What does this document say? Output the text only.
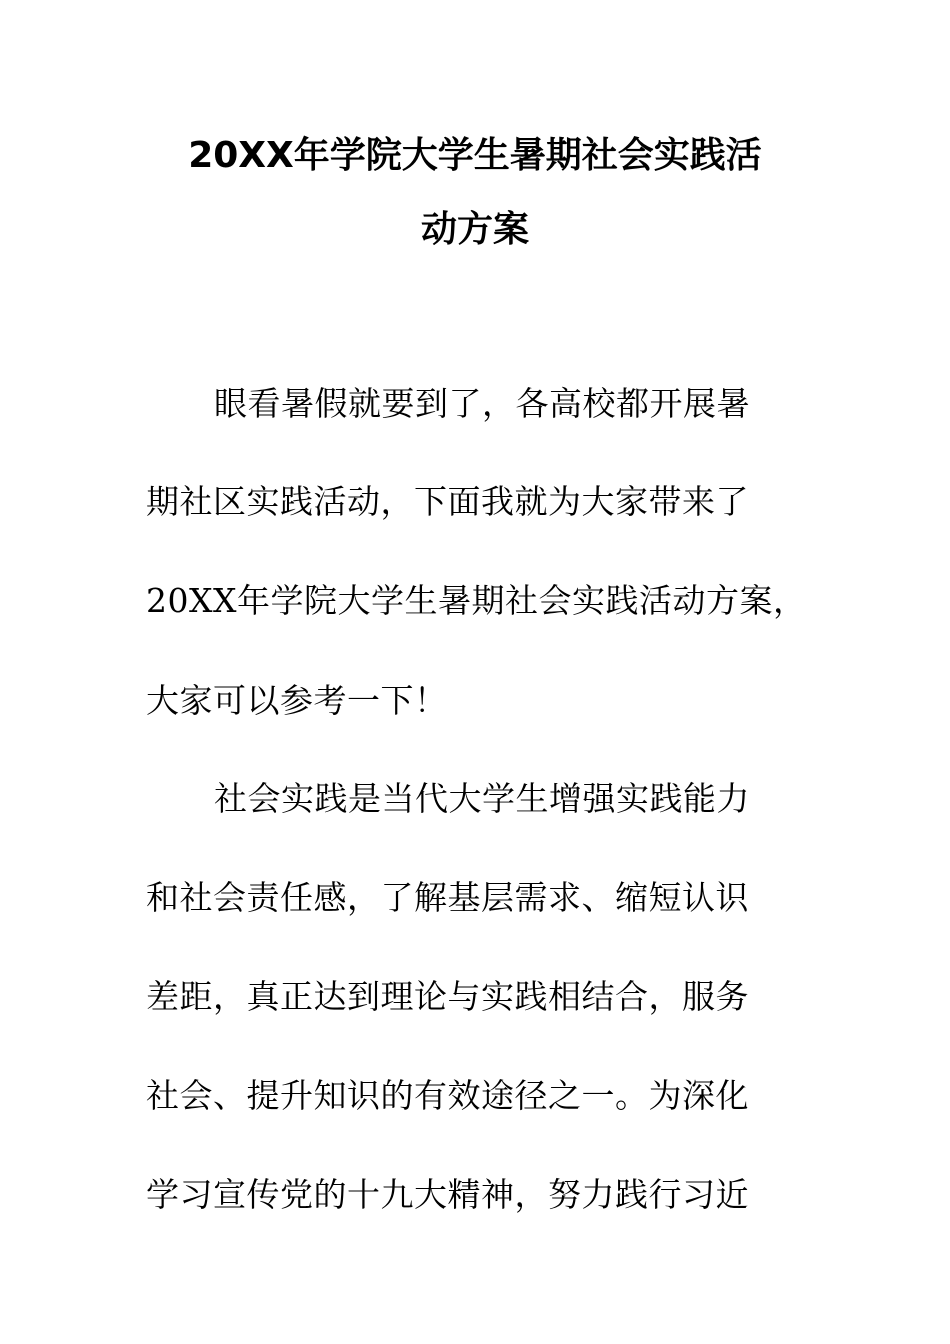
20XX年学院大学生暑期社会实践活
动方案
眼看暑假就要到了，各高校都开展暑
期社区实践活动，下面我就为大家带来了
20XX年学院大学生暑期社会实践活动方案，
大家可以参考一下！
社会实践是当代大学生增强实践能力
和社会责任感，了解基层需求、缩短认识
差距，真正达到理论与实践相结合，服务
社会、提升知识的有效途径之一。为深化
学习宣传党的十九大精神，努力践行习近
